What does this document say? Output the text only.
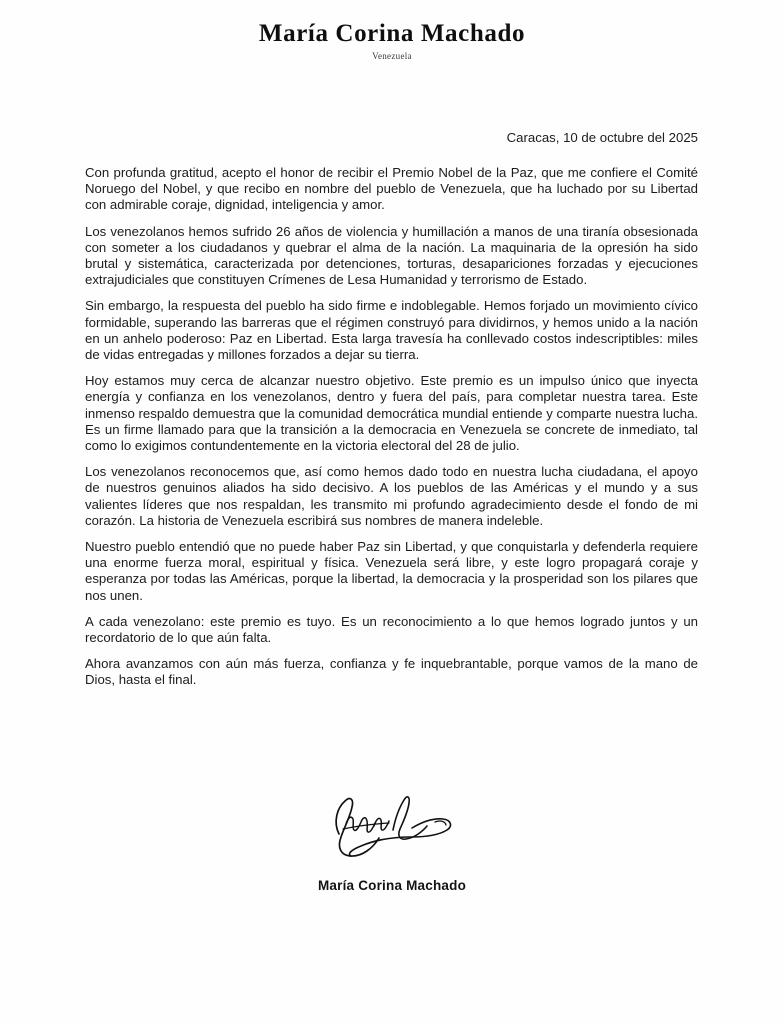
María Corina Machado
Venezuela
Caracas, 10 de octubre del 2025

Con profunda gratitud, acepto el honor de recibir el Premio Nobel de la Paz, que me confiere el Comité Noruego del Nobel, y que recibo en nombre del pueblo de Venezuela, que ha luchado por su Libertad con admirable coraje, dignidad, inteligencia y amor.

Los venezolanos hemos sufrido 26 años de violencia y humillación a manos de una tiranía obsesionada con someter a los ciudadanos y quebrar el alma de la nación. La maquinaria de la opresión ha sido brutal y sistemática, caracterizada por detenciones, torturas, desapariciones forzadas y ejecuciones extrajudiciales que constituyen Crímenes de Lesa Humanidad y terrorismo de Estado.

Sin embargo, la respuesta del pueblo ha sido firme e indoblegable. Hemos forjado un movimiento cívico formidable, superando las barreras que el régimen construyó para dividirnos, y hemos unido a la nación en un anhelo poderoso: Paz en Libertad. Esta larga travesía ha conllevado costos indescriptibles: miles de vidas entregadas y millones forzados a dejar su tierra.

Hoy estamos muy cerca de alcanzar nuestro objetivo. Este premio es un impulso único que inyecta energía y confianza en los venezolanos, dentro y fuera del país, para completar nuestra tarea. Este inmenso respaldo demuestra que la comunidad democrática mundial entiende y comparte nuestra lucha. Es un firme llamado para que la transición a la democracia en Venezuela se concrete de inmediato, tal como lo exigimos contundentemente en la victoria electoral del 28 de julio.

Los venezolanos reconocemos que, así como hemos dado todo en nuestra lucha ciudadana, el apoyo de nuestros genuinos aliados ha sido decisivo. A los pueblos de las Américas y el mundo y a sus valientes líderes que nos respaldan, les transmito mi profundo agradecimiento desde el fondo de mi corazón. La historia de Venezuela escribirá sus nombres de manera indeleble.

Nuestro pueblo entendió que no puede haber Paz sin Libertad, y que conquistarla y defenderla requiere una enorme fuerza moral, espiritual y física. Venezuela será libre, y este logro propagará coraje y esperanza por todas las Américas, porque la libertad, la democracia y la prosperidad son los pilares que nos unen.

A cada venezolano: este premio es tuyo. Es un reconocimiento a lo que hemos logrado juntos y un recordatorio de lo que aún falta.

Ahora avanzamos con aún más fuerza, confianza y fe inquebrantable, porque vamos de la mano de Dios, hasta el final.

María Corina Machado
